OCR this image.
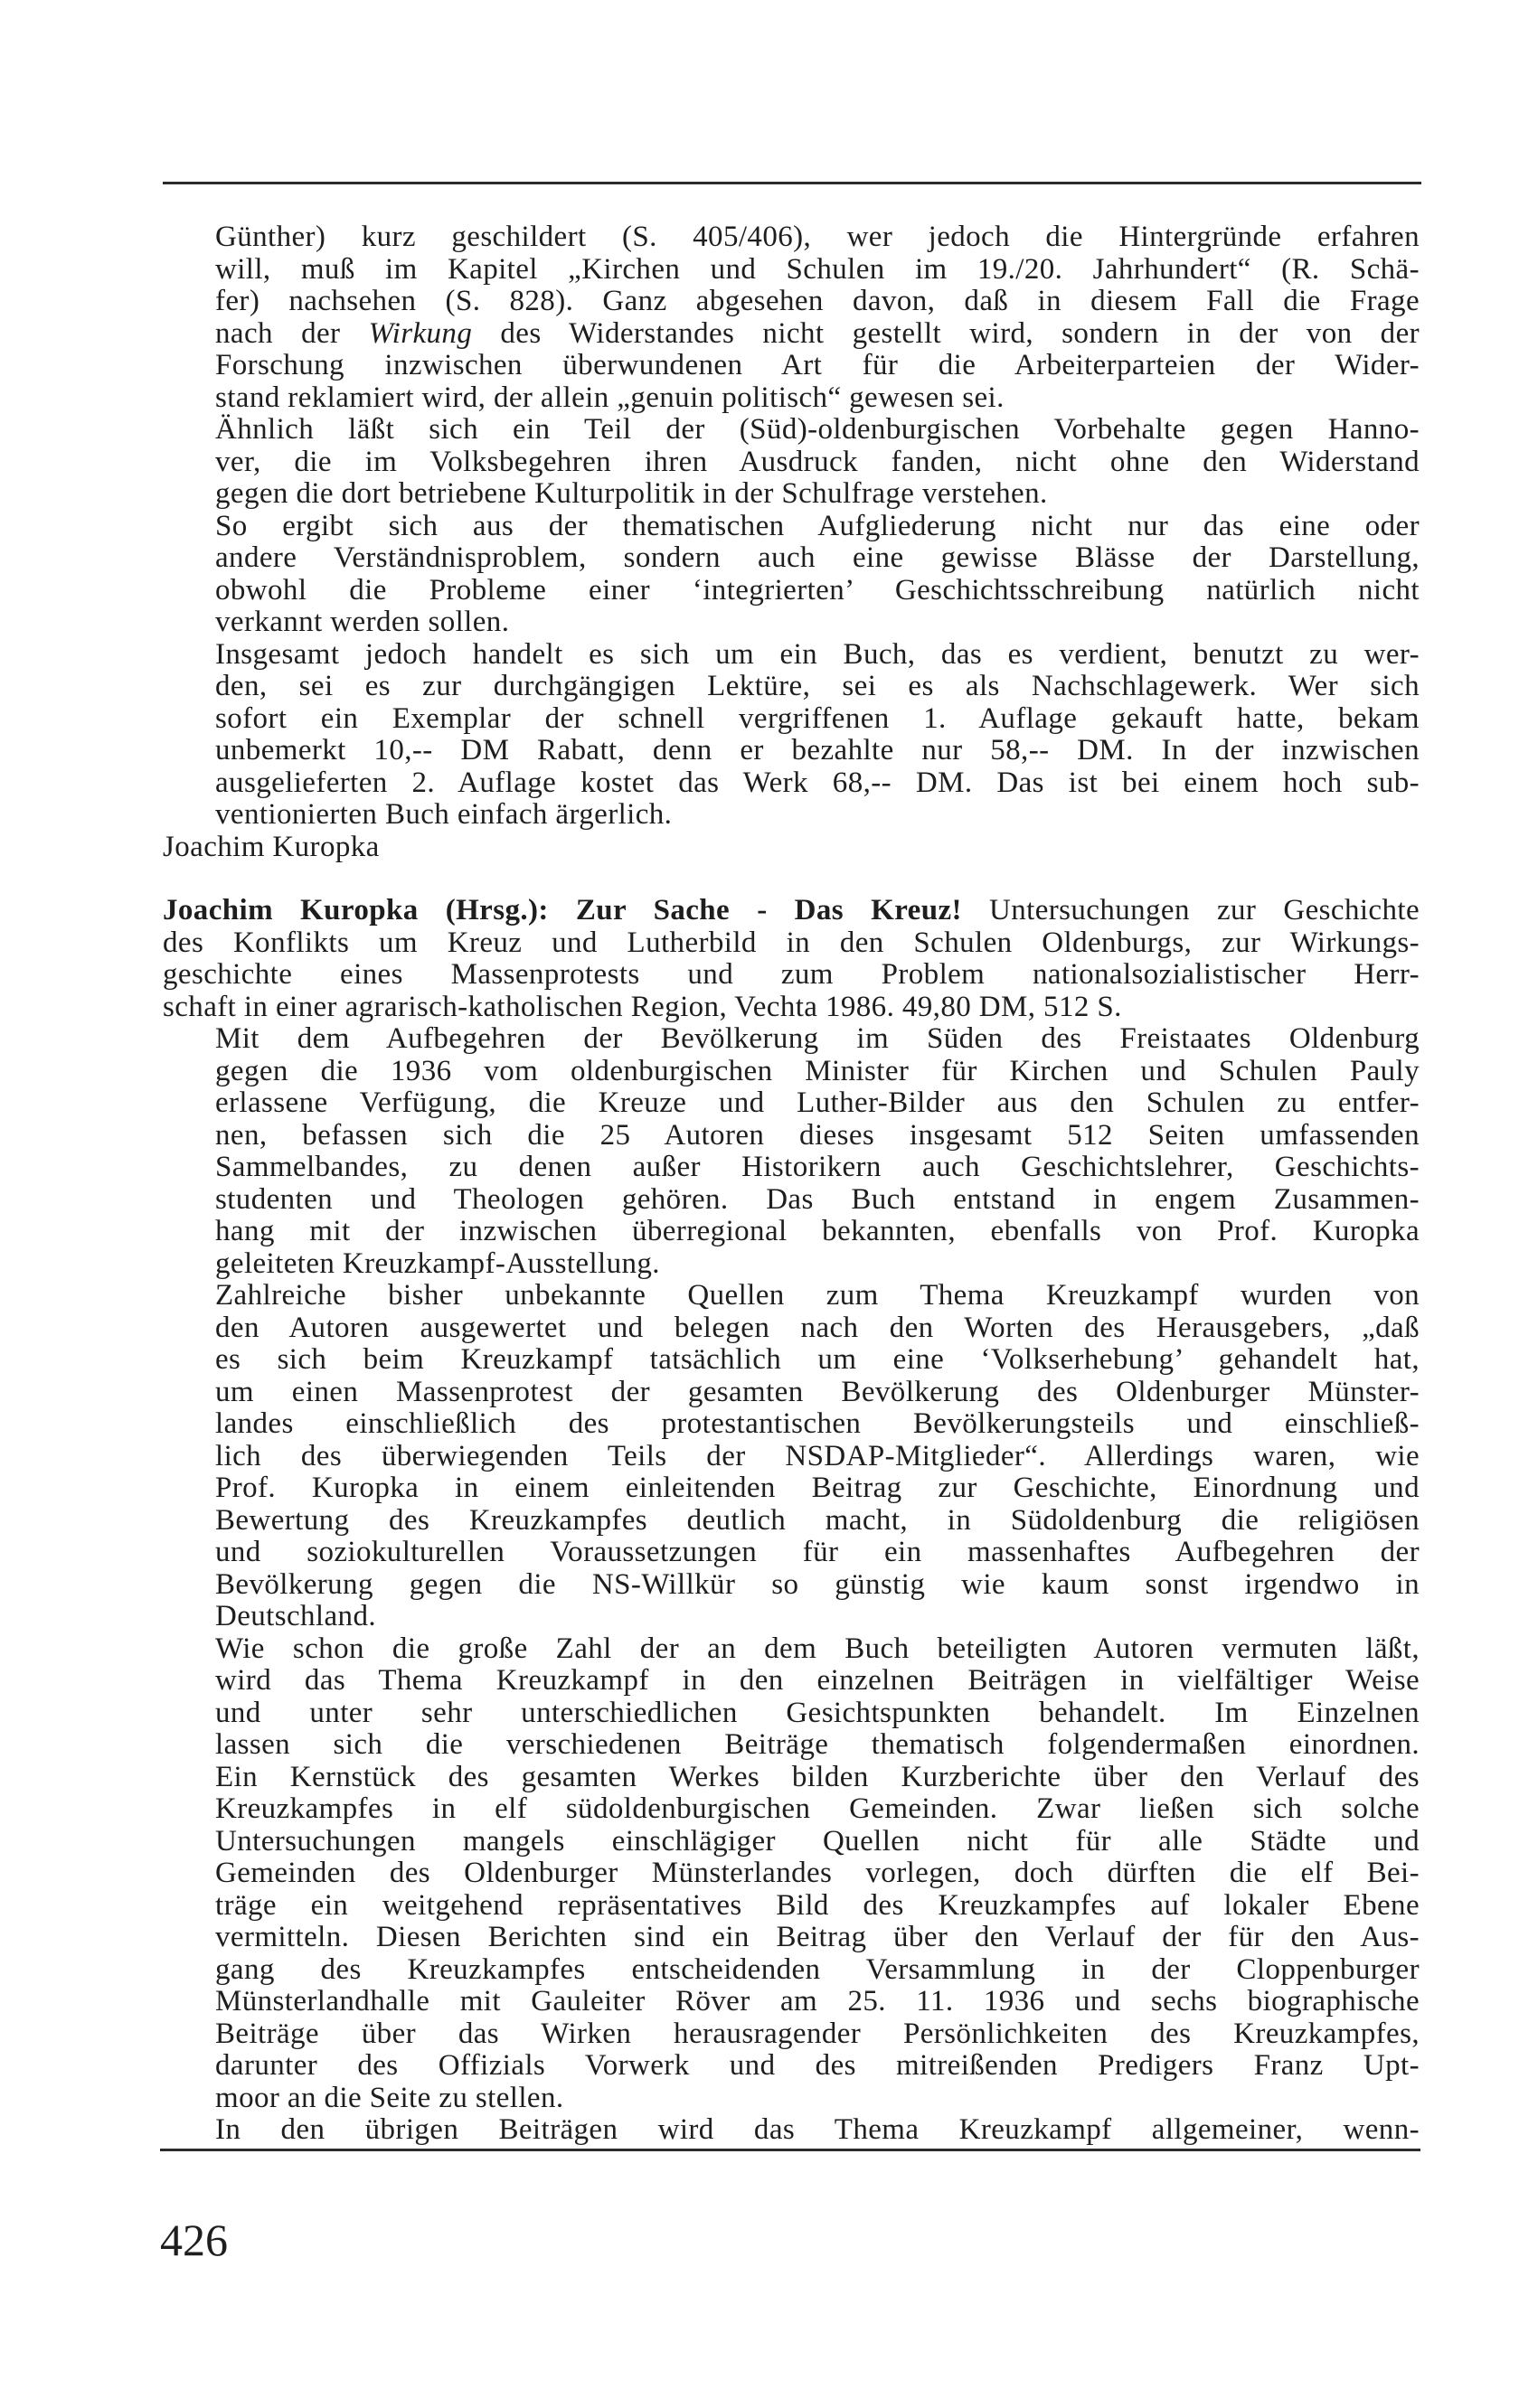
Günther) kurz geschildert (S. 405/406), wer jedoch die Hintergründe erfahren
will, muß im Kapitel „Kirchen und Schulen im 19./20. Jahrhundert“ (R. Schä-
fer) nachsehen (S. 828). Ganz abgesehen davon, daß in diesem Fall die Frage
nach der Wirkung des Widerstandes nicht gestellt wird, sondern in der von der
Forschung inzwischen überwundenen Art für die Arbeiterparteien der Wider-
stand reklamiert wird, der allein „genuin politisch“ gewesen sei.
Ähnlich läßt sich ein Teil der (Süd)-oldenburgischen Vorbehalte gegen Hanno-
ver, die im Volksbegehren ihren Ausdruck fanden, nicht ohne den Widerstand
gegen die dort betriebene Kulturpolitik in der Schulfrage verstehen.
So ergibt sich aus der thematischen Aufgliederung nicht nur das eine oder
andere Verständnisproblem, sondern auch eine gewisse Blässe der Darstellung,
obwohl die Probleme einer ‘integrierten’ Geschichtsschreibung natürlich nicht
verkannt werden sollen.
Insgesamt jedoch handelt es sich um ein Buch, das es verdient, benutzt zu wer-
den, sei es zur durchgängigen Lektüre, sei es als Nachschlagewerk. Wer sich
sofort ein Exemplar der schnell vergriffenen 1. Auflage gekauft hatte, bekam
unbemerkt 10,-- DM Rabatt, denn er bezahlte nur 58,-- DM. In der inzwischen
ausgelieferten 2. Auflage kostet das Werk 68,-- DM. Das ist bei einem hoch sub-
ventionierten Buch einfach ärgerlich.
Joachim Kuropka
Joachim Kuropka (Hrsg.): Zur Sache - Das Kreuz! Untersuchungen zur Geschichte
des Konflikts um Kreuz und Lutherbild in den Schulen Oldenburgs, zur Wirkungs-
geschichte eines Massenprotests und zum Problem nationalsozialistischer Herr-
schaft in einer agrarisch-katholischen Region, Vechta 1986. 49,80 DM, 512 S.
Mit dem Aufbegehren der Bevölkerung im Süden des Freistaates Oldenburg
gegen die 1936 vom oldenburgischen Minister für Kirchen und Schulen Pauly
erlassene Verfügung, die Kreuze und Luther-Bilder aus den Schulen zu entfer-
nen, befassen sich die 25 Autoren dieses insgesamt 512 Seiten umfassenden
Sammelbandes, zu denen außer Historikern auch Geschichtslehrer, Geschichts-
studenten und Theologen gehören. Das Buch entstand in engem Zusammen-
hang mit der inzwischen überregional bekannten, ebenfalls von Prof. Kuropka
geleiteten Kreuzkampf-Ausstellung.
Zahlreiche bisher unbekannte Quellen zum Thema Kreuzkampf wurden von
den Autoren ausgewertet und belegen nach den Worten des Herausgebers, „daß
es sich beim Kreuzkampf tatsächlich um eine ‘Volkserhebung’ gehandelt hat,
um einen Massenprotest der gesamten Bevölkerung des Oldenburger Münster-
landes einschließlich des protestantischen Bevölkerungsteils und einschließ-
lich des überwiegenden Teils der NSDAP-Mitglieder“. Allerdings waren, wie
Prof. Kuropka in einem einleitenden Beitrag zur Geschichte, Einordnung und
Bewertung des Kreuzkampfes deutlich macht, in Südoldenburg die religiösen
und soziokulturellen Voraussetzungen für ein massenhaftes Aufbegehren der
Bevölkerung gegen die NS-Willkür so günstig wie kaum sonst irgendwo in
Deutschland.
Wie schon die große Zahl der an dem Buch beteiligten Autoren vermuten läßt,
wird das Thema Kreuzkampf in den einzelnen Beiträgen in vielfältiger Weise
und unter sehr unterschiedlichen Gesichtspunkten behandelt. Im Einzelnen
lassen sich die verschiedenen Beiträge thematisch folgendermaßen einordnen.
Ein Kernstück des gesamten Werkes bilden Kurzberichte über den Verlauf des
Kreuzkampfes in elf südoldenburgischen Gemeinden. Zwar ließen sich solche
Untersuchungen mangels einschlägiger Quellen nicht für alle Städte und
Gemeinden des Oldenburger Münsterlandes vorlegen, doch dürften die elf Bei-
träge ein weitgehend repräsentatives Bild des Kreuzkampfes auf lokaler Ebene
vermitteln. Diesen Berichten sind ein Beitrag über den Verlauf der für den Aus-
gang des Kreuzkampfes entscheidenden Versammlung in der Cloppenburger
Münsterlandhalle mit Gauleiter Röver am 25. 11. 1936 und sechs biographische
Beiträge über das Wirken herausragender Persönlichkeiten des Kreuzkampfes,
darunter des Offizials Vorwerk und des mitreißenden Predigers Franz Upt-
moor an die Seite zu stellen.
In den übrigen Beiträgen wird das Thema Kreuzkampf allgemeiner, wenn-
426
